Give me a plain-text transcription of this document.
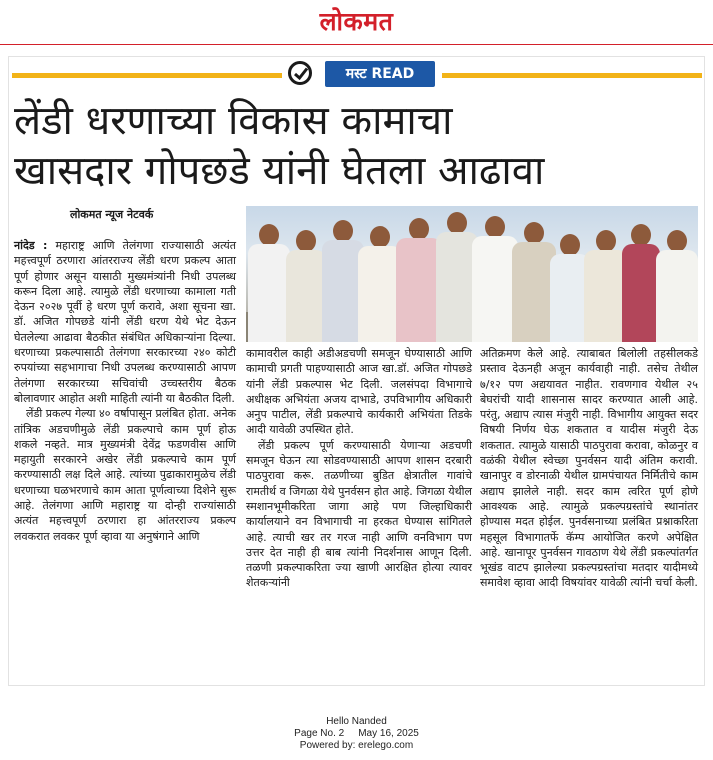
लोकमत
मस्ट READ
लेंडी धरणाच्या विकास कामाचा
खासदार गोपछडे यांनी घेतला आढावा
लोकमत न्यूज नेटवर्क

नांदेड : महाराष्ट्र आणि तेलंगणा राज्यासाठी अत्यंत महत्त्वपूर्ण ठरणारा आंतरराज्य लेंडी धरण प्रकल्प आता पूर्ण होणार असून यासाठी मुख्यमंत्र्यांनी निधी उपलब्ध करून दिला आहे. त्यामुळे लेंडी धरणाच्या कामाला गती देऊन २०२७ पूर्वी हे धरण पूर्ण करावे, अशा सूचना खा. डॉ. अजित गोपछडे यांनी लेंडी धरण येथे भेट देऊन घेतलेल्या आढावा बैठकीत संबंधित अधिकाऱ्यांना दिल्या. धरणाच्या प्रकल्पासाठी तेलंगणा सरकारच्या २४० कोटी रुपयांच्या सहभागाचा निधी उपलब्ध करण्यासाठी आपण तेलंगणा सरकारच्या सचिवांची उच्चस्तरीय बैठक बोलावणार आहोत अशी माहिती त्यांनी या बैठकीत दिली.

लेंडी प्रकल्प गेल्या ४० वर्षापासून प्रलंबित होता. अनेक तांत्रिक अडचणीमुळे लेंडी प्रकल्पाचे काम पूर्ण होऊ शकले नव्हते. मात्र मुख्यमंत्री देवेंद्र फडणवीस आणि महायुती सरकारने अखेर लेंडी प्रकल्पाचे काम पूर्ण करण्यासाठी लक्ष दिले आहे. त्यांच्या पुढाकारामुळेच लेंडी धरणाच्या घळभरणाचे काम आता पूर्णत्वाच्या दिशेने सुरू आहे. तेलंगणा आणि महाराष्ट्र या दोन्ही राज्यांसाठी अत्यंत महत्त्वपूर्ण ठरणारा हा आंतरराज्य प्रकल्प लवकरात लवकर पूर्ण व्हावा या अनुषंगाने आणि

कामावरील काही अडीअडचणी समजून घेण्यासाठी आणि कामाची प्रगती पाहण्यासाठी आज खा.डॉ. अजित गोपछडे यांनी लेंडी प्रकल्पास भेट दिली. जलसंपदा विभागाचे अधीक्षक अभियंता अजय दाभाडे, उपविभागीय अधिकारी अनुप पाटील, लेंडी प्रकल्पाचे कार्यकारी अभियंता तिडके आदी यावेळी उपस्थित होते.

लेंडी प्रकल्प पूर्ण करण्यासाठी येणाऱ्या अडचणी समजून घेऊन त्या सोडवण्यासाठी आपण शासन दरबारी पाठपुरावा करू. तळणीच्या बुडित क्षेत्रातील गावांचे रामतीर्थ व जिगळा येथे पुनर्वसन होत आहे. जिगळा येथील स्मशानभूमीकरिता जागा आहे पण जिल्हाधिकारी कार्यालयाने वन विभागाची ना हरकत घेण्यास सांगितले आहे. त्याची खर तर गरज नाही आणि वनविभाग पण उत्तर देत नाही ही बाब त्यांनी निदर्शनास आणून दिली. तळणी प्रकल्पाकरिता ज्या खाणी आरक्षित होत्या त्यावर शेतकऱ्यांनी

अतिक्रमण केले आहे. त्याबाबत बिलोली तहसीलकडे प्रस्ताव देऊनही अजून कार्यवाही नाही. तसेच तेथील ७/१२ पण अद्ययावत नाहीत. रावणगाव येथील २५ बेघरांची यादी शासनास सादर करण्यात आली आहे. परंतु, अद्याप त्यास मंजुरी नाही. विभागीय आयुक्त सदर विषयी निर्णय घेऊ शकतात व यादीस मंजुरी देऊ शकतात. त्यामुळे यासाठी पाठपुरावा करावा, कोळनुर व वळंकी येथील स्वेच्छा पुनर्वसन यादी अंतिम करावी. खानापुर व डोरनाळी येथील ग्रामपंचायत निर्मितीचे काम अद्याप झालेले नाही. सदर काम त्वरित पूर्ण होणे आवश्यक आहे. त्यामुळे प्रकल्पग्रस्तांचे स्थानांतर होण्यास मदत होईल. पुनर्वसनाच्या प्रलंबित प्रश्नाकरिता महसूल विभागातर्फे कॅम्प आयोजित करणे अपेक्षित आहे. खानापूर पुनर्वसन गावठाण येथे लेंडी प्रकल्पांतर्गत भूखंड वाटप झालेल्या प्रकल्पग्रस्तांचा मतदार यादीमध्ये समावेश व्हावा आदी विषयांवर यावेळी त्यांनी चर्चा केली.

Hello Nanded
Page No. 2 May 16, 2025
Powered by: erelego.com
